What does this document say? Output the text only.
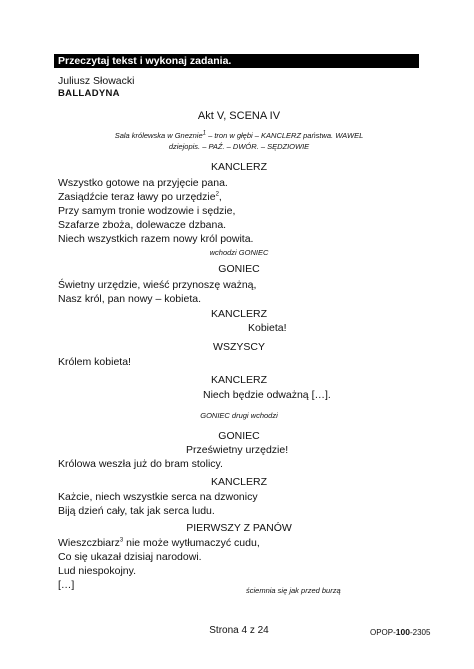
Przeczytaj tekst i wykonaj zadania.
Juliusz Słowacki
BALLADYNA
Akt V, SCENA IV
Sala królewska w Gneznie$^1$ – tron w głębi – KANCLERZ państwa. WAWEL
dziejopis. – PAŹ. – DWÓR. – SĘDZIOWIE
KANCLERZ
Wszystko gotowe na przyjęcie pana.
Zasiądźcie teraz ławy po urzędzie$^2$,
Przy samym tronie wodzowie i sędzie,
Szafarze zboża, dolewacze dzbana.
Niech wszystkich razem nowy król powita.
wchodzi GONIEC
GONIEC
Świetny urzędzie, wieść przynoszę ważną,
Nasz król, pan nowy – kobieta.
KANCLERZ
Kobieta!
WSZYSCY
Królem kobieta!
KANCLERZ
Niech będzie odważną […].
GONIEC drugi wchodzi
GONIEC
Prześwietny urzędzie!
Królowa weszła już do bram stolicy.
KANCLERZ
Każcie, niech wszystkie serca na dzwonicy
Biją dzień cały, tak jak serca ludu.
PIERWSZY Z PANÓW
Wieszczbiarz$^3$ nie może wytłumaczyć cudu,
Co się ukazał dzisiaj narodowi.
Lud niespokojny.
[…]	ściemnia się jak przed burzą
Strona 4 z 24	OPOP-100-2305
